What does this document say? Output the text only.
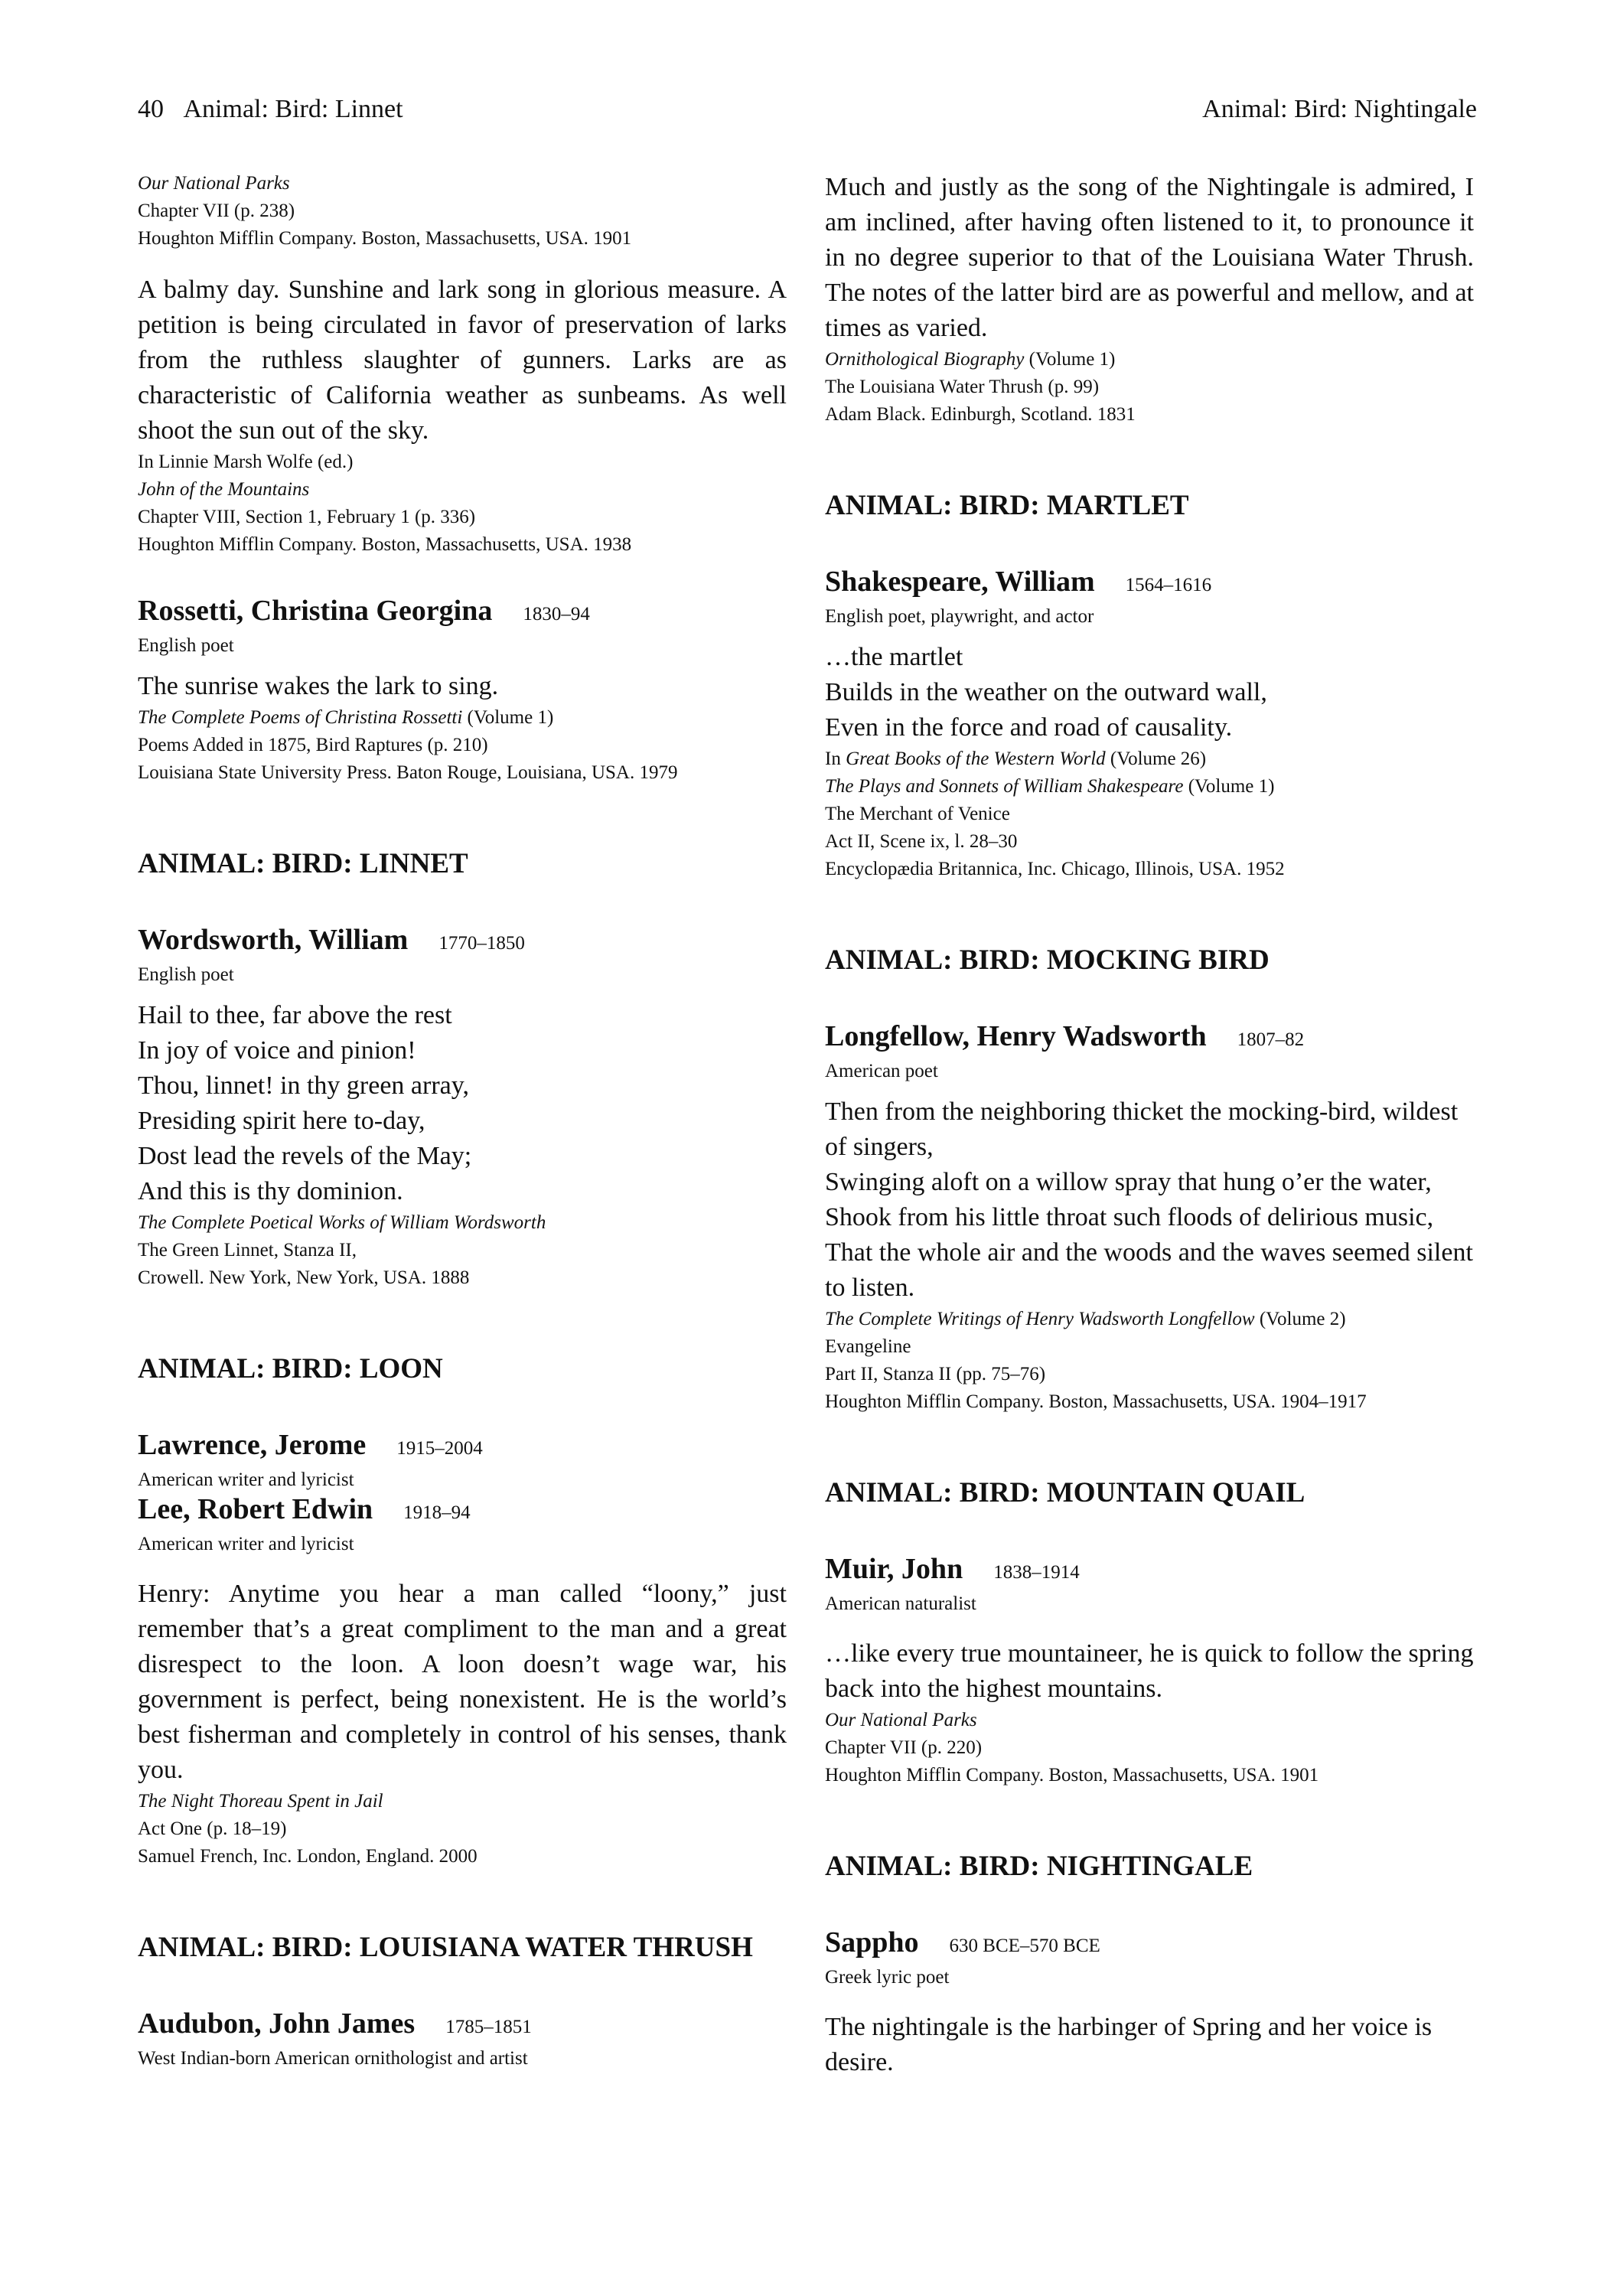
40 Animal: Bird: Linnet	Animal: Bird: Nightingale
Our National Parks
Chapter VII (p. 238)
Houghton Mifflin Company. Boston, Massachusetts, USA. 1901
A balmy day. Sunshine and lark song in glorious measure. A petition is being circulated in favor of preservation of larks from the ruthless slaughter of gunners. Larks are as characteristic of California weather as sunbeams. As well shoot the sun out of the sky.
In Linnie Marsh Wolfe (ed.)
John of the Mountains
Chapter VIII, Section 1, February 1 (p. 336)
Houghton Mifflin Company. Boston, Massachusetts, USA. 1938
Rossetti, Christina Georgina 1830–94
English poet
The sunrise wakes the lark to sing.
The Complete Poems of Christina Rossetti (Volume 1)
Poems Added in 1875, Bird Raptures (p. 210)
Louisiana State University Press. Baton Rouge, Louisiana, USA. 1979
ANIMAL: BIRD: LINNET
Wordsworth, William 1770–1850
English poet
Hail to thee, far above the rest
In joy of voice and pinion!
Thou, linnet! in thy green array,
Presiding spirit here to-day,
Dost lead the revels of the May;
And this is thy dominion.
The Complete Poetical Works of William Wordsworth
The Green Linnet, Stanza II,
Crowell. New York, New York, USA. 1888
ANIMAL: BIRD: LOON
Lawrence, Jerome 1915–2004
American writer and lyricist
Lee, Robert Edwin 1918–94
American writer and lyricist
Henry: Anytime you hear a man called “loony,” just remember that’s a great compliment to the man and a great disrespect to the loon. A loon doesn’t wage war, his government is perfect, being nonexistent. He is the world’s best fisherman and completely in control of his senses, thank you.
The Night Thoreau Spent in Jail
Act One (p. 18–19)
Samuel French, Inc. London, England. 2000
ANIMAL: BIRD: LOUISIANA WATER THRUSH
Audubon, John James 1785–1851
West Indian-born American ornithologist and artist
Much and justly as the song of the Nightingale is admired, I am inclined, after having often listened to it, to pronounce it in no degree superior to that of the Louisiana Water Thrush. The notes of the latter bird are as powerful and mellow, and at times as varied.
Ornithological Biography (Volume 1)
The Louisiana Water Thrush (p. 99)
Adam Black. Edinburgh, Scotland. 1831
ANIMAL: BIRD: MARTLET
Shakespeare, William 1564–1616
English poet, playwright, and actor
…the martlet
Builds in the weather on the outward wall,
Even in the force and road of causality.
In Great Books of the Western World (Volume 26)
The Plays and Sonnets of William Shakespeare (Volume 1)
The Merchant of Venice
Act II, Scene ix, l. 28–30
Encyclopædia Britannica, Inc. Chicago, Illinois, USA. 1952
ANIMAL: BIRD: MOCKING BIRD
Longfellow, Henry Wadsworth 1807–82
American poet
Then from the neighboring thicket the mocking-bird, wildest of singers,
Swinging aloft on a willow spray that hung o’er the water,
Shook from his little throat such floods of delirious music,
That the whole air and the woods and the waves seemed silent to listen.
The Complete Writings of Henry Wadsworth Longfellow (Volume 2)
Evangeline
Part II, Stanza II (pp. 75–76)
Houghton Mifflin Company. Boston, Massachusetts, USA. 1904–1917
ANIMAL: BIRD: MOUNTAIN QUAIL
Muir, John 1838–1914
American naturalist
…like every true mountaineer, he is quick to follow the spring back into the highest mountains.
Our National Parks
Chapter VII (p. 220)
Houghton Mifflin Company. Boston, Massachusetts, USA. 1901
ANIMAL: BIRD: NIGHTINGALE
Sappho 630 BCE–570 BCE
Greek lyric poet
The nightingale is the harbinger of Spring and her voice is desire.
